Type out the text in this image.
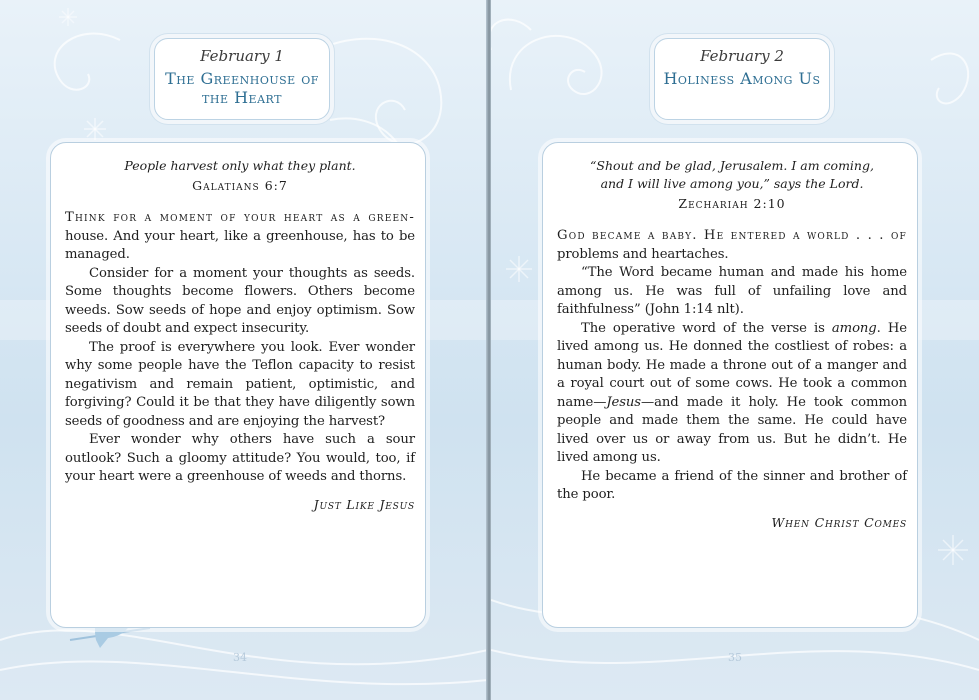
February 1
The Greenhouse of the Heart

People harvest only what they plant.

Galatians 6:7

Think for a moment of your heart as a green- house. And your heart, like a greenhouse, has to be managed.

Consider for a moment your thoughts as seeds. Some thoughts become flowers. Others become weeds. Sow seeds of hope and enjoy optimism. Sow seeds of doubt and expect insecurity.

The proof is everywhere you look. Ever wonder why some people have the Teflon capacity to resist negativism and remain patient, optimistic, and forgiving? Could it be that they have diligently sown seeds of goodness and are enjoying the harvest?

Ever wonder why others have such a sour outlook? Such a gloomy attitude? You would, too, if your heart were a greenhouse of weeds and thorns.

Just Like Jesus
34
February 2
Holiness Among Us

“Shout and be glad, Jerusalem. I am coming,
and I will live among you,” says the Lord.

Zechariah 2:10

God became a baby. He entered a world . . . of problems and heartaches.

“The Word became human and made his home among us. He was full of unfailing love and faithfulness” (John 1:14 nlt).

The operative word of the verse is among. He lived among us. He donned the costliest of robes: a human body. He made a throne out of a manger and a royal court out of some cows. He took a common name—Jesus—and made it holy. He took common people and made them the same. He could have lived over us or away from us. But he didn’t. He lived among us.

He became a friend of the sinner and brother of the poor.

When Christ Comes
35
